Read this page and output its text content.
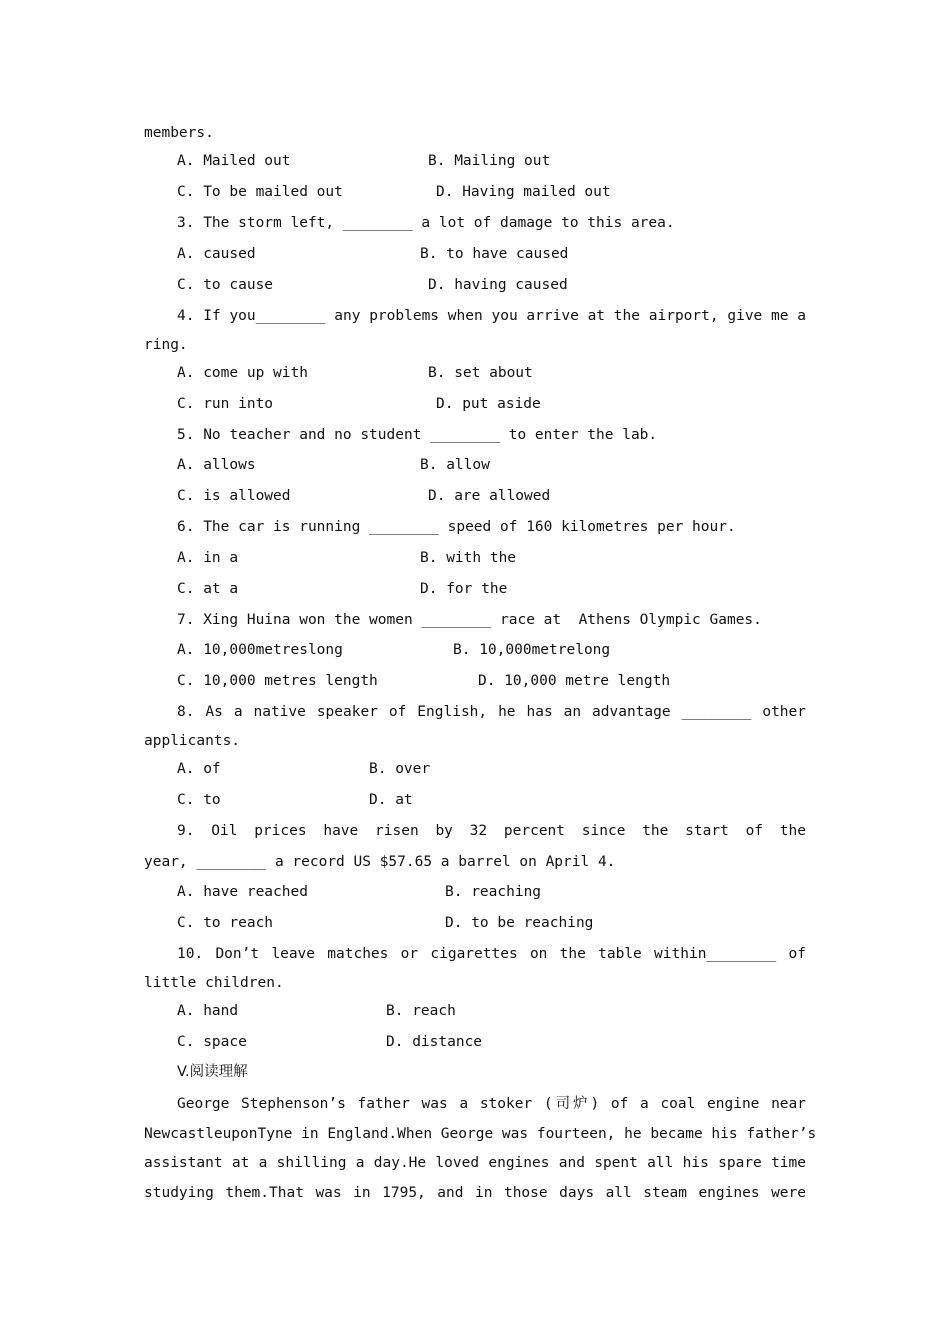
members.
A. Mailed out	B. Mailing out
C. To be mailed out	D. Having mailed out
3. The storm left, ________ a lot of damage to this area.
A. caused	B. to have caused
C. to cause	D. having caused
4. If you________ any problems when you arrive at the airport, give me a
ring.
A. come up with	B. set about
C. run into	D. put aside
5. No teacher and no student ________ to enter the lab.
A. allows	B. allow
C. is allowed	D. are allowed
6. The car is running ________ speed of 160 kilometres per hour.
A. in a	B. with the
C. at a	D. for the
7. Xing Huina won the women ________ race at  Athens Olympic Games.
A. 10,000metreslong	B. 10,000metrelong
C. 10,000 metres length	D. 10,000 metre length
8. As a native speaker of English, he has an advantage ________ other
applicants.
A. of	B. over
C. to	D. at
9. Oil prices have risen by 32 percent since the start of the
year, ________ a record US $57.65 a barrel on April 4.
A. have reached	B. reaching
C. to reach	D. to be reaching
10. Don’t leave matches or cigarettes on the table within________ of
little children.
A. hand	B. reach
C. space	D. distance
V.阅读理解
George Stephenson’s father was a stoker (司炉) of a coal engine near
NewcastleuponTyne in England.When George was fourteen, he became his father’s
assistant at a shilling a day.He loved engines and spent all his spare time
studying them.That was in 1795, and in those days all steam engines were
